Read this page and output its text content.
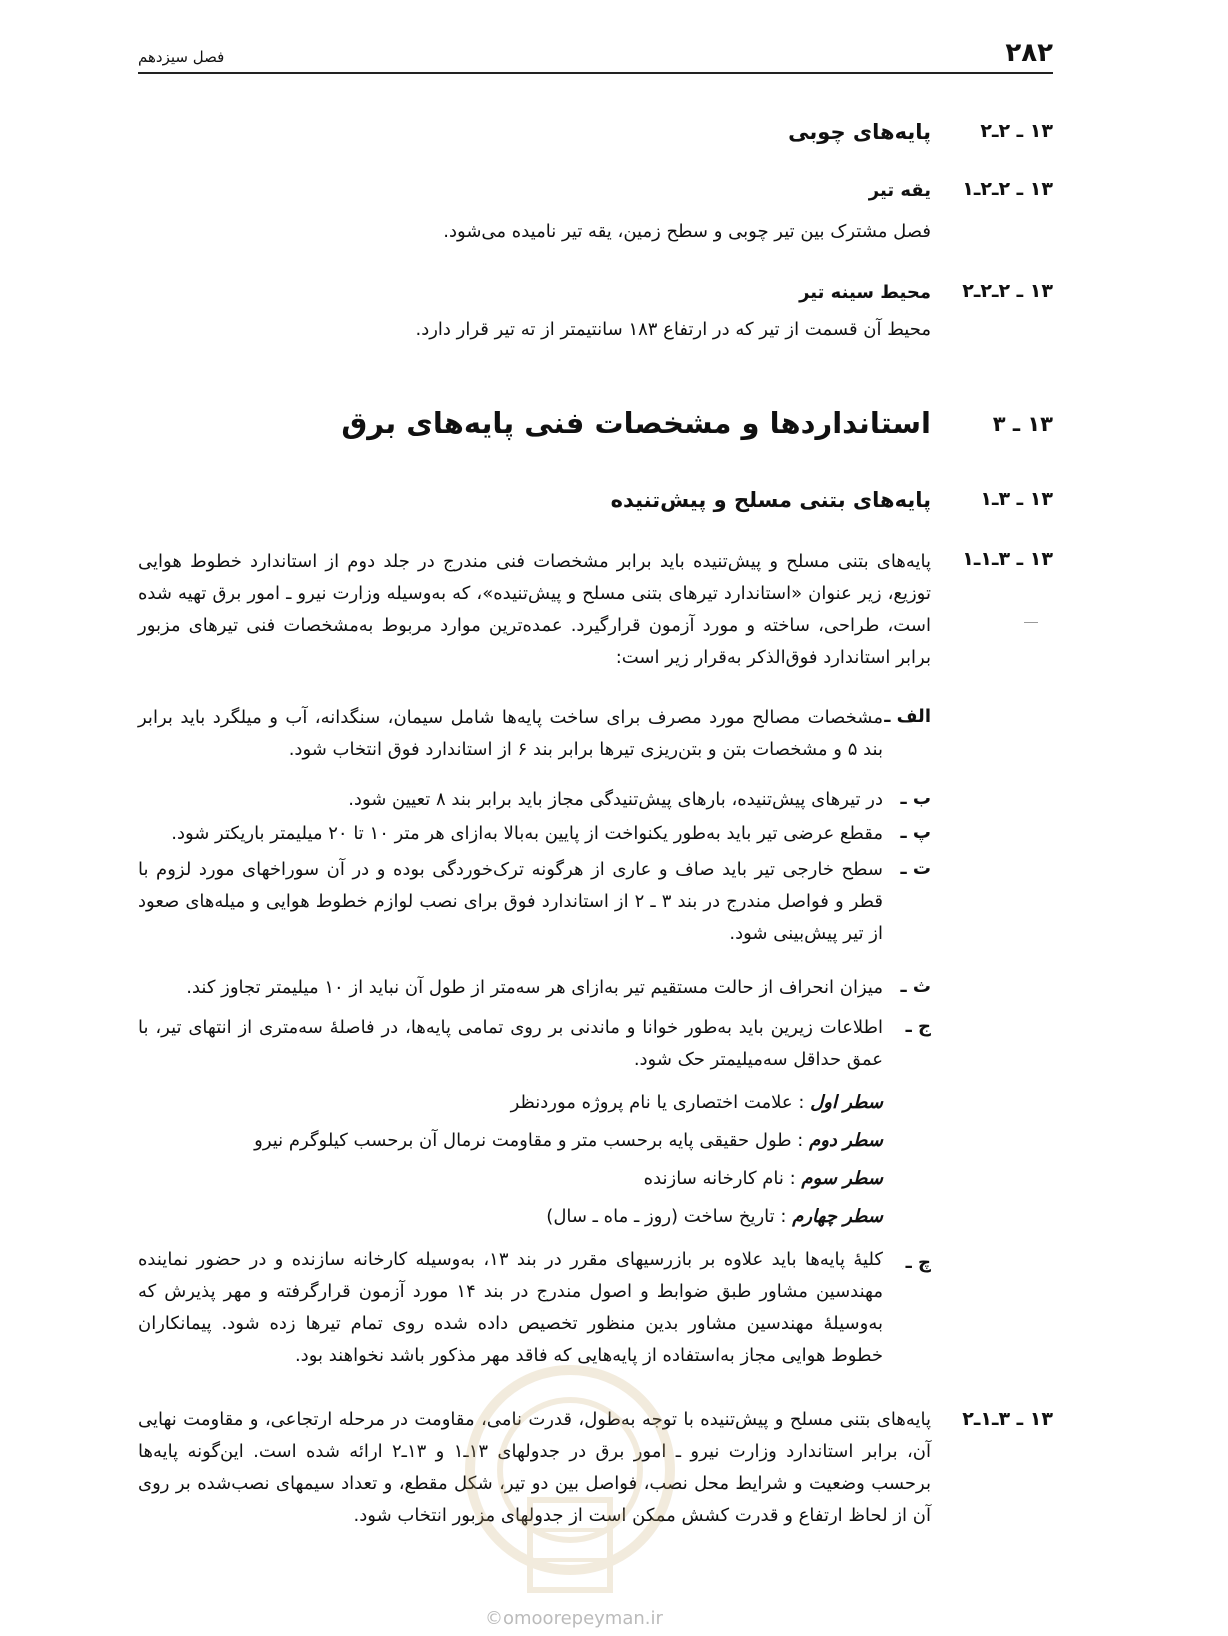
۲۸۲
فصل سیزدهم
۱۳ ـ ۲ـ۲
پایه‌های چوبی
۱۳ ـ ۲ـ۲ـ۱
یقه تیر
فصل مشترک بین تیر چوبی و سطح زمین، یقه تیر نامیده می‌شود.
۱۳ ـ ۲ـ۲ـ۲
محیط سینه تیر
محیط آن قسمت از تیر که در ارتفاع ۱۸۳ سانتیمتر از ته تیر قرار دارد.
۱۳ ـ ۳
استانداردها و مشخصات فنی پایه‌های برق
۱۳ ـ ۳ـ۱
پایه‌های بتنی مسلح و پیش‌تنیده
۱۳ ـ ۳ـ۱ـ۱
پایه‌های بتنی مسلح و پیش‌تنیده باید برابر مشخصات فنی مندرج در جلد دوم از استاندارد خطوط هوایی توزیع، زیر عنوان «استاندارد تیرهای بتنی مسلح و پیش‌تنیده»، که به‌وسیله وزارت نیرو ـ امور برق تهیه شده است، طراحی، ساخته و مورد آزمون قرارگیرد. عمده‌ترین موارد مربوط به‌مشخصات فنی تیرهای مزبور برابر استاندارد فوق‌الذکر به‌قرار زیر است:
الف ـ
مشخصات مصالح مورد مصرف برای ساخت پایه‌ها شامل سیمان، سنگدانه، آب و میلگرد باید برابر بند ۵ و مشخصات بتن و بتن‌ریزی تیرها برابر بند ۶ از استاندارد فوق انتخاب شود.
ب ـ
در تیرهای پیش‌تنیده، بارهای پیش‌تنیدگی مجاز باید برابر بند ۸ تعیین شود.
پ ـ
مقطع عرضی تیر باید به‌طور یکنواخت از پایین به‌بالا به‌ازای هر متر ۱۰ تا ۲۰ میلیمتر باریکتر شود.
ت ـ
سطح خارجی تیر باید صاف و عاری از هرگونه ترک‌خوردگی بوده و در آن سوراخهای مورد لزوم با قطر و فواصل مندرج در بند ۳ ـ ۲ از استاندارد فوق برای نصب لوازم خطوط هوایی و میله‌های صعود از تیر پیش‌بینی شود.
ث ـ
میزان انحراف از حالت مستقیم تیر به‌ازای هر سه‌متر از طول آن نباید از ۱۰ میلیمتر تجاوز کند.
ج ـ
اطلاعات زیرین باید به‌طور خوانا و ماندنی بر روی تمامی پایه‌ها، در فاصلهٔ سه‌متری از انتهای تیر، با عمق حداقل سه‌میلیمتر حک شود.
سطر اول : علامت اختصاری یا نام پروژه موردنظر
سطر دوم : طول حقیقی پایه برحسب متر و مقاومت نرمال آن برحسب کیلوگرم نیرو
سطر سوم : نام کارخانه سازنده
سطر چهارم : تاریخ ساخت (روز ـ ماه ـ سال)
چ ـ
کلیهٔ پایه‌ها باید علاوه بر بازرسیهای مقرر در بند ۱۳، به‌وسیله کارخانه سازنده و در حضور نماینده مهندسین مشاور طبق ضوابط و اصول مندرج در بند ۱۴ مورد آزمون قرارگرفته و مهر پذیرش که به‌وسیلهٔ مهندسین مشاور بدین منظور تخصیص داده شده روی تمام تیرها زده شود. پیمانکاران خطوط هوایی مجاز به‌استفاده از پایه‌هایی که فاقد مهر مذکور باشد نخواهند بود.
۱۳ ـ ۳ـ۱ـ۲
پایه‌های بتنی مسلح و پیش‌تنیده با توجه به‌طول، قدرت نامی، مقاومت در مرحله ارتجاعی، و مقاومت نهایی آن، برابر استاندارد وزارت نیرو ـ امور برق در جدولهای ۱۳ـ۱ و ۱۳ـ۲ ارائه شده است. این‌گونه پایه‌ها برحسب وضعیت و شرایط محل نصب، فواصل بین دو تیر، شکل مقطع، و تعداد سیمهای نصب‌شده بر روی آن از لحاظ ارتفاع و قدرت کشش ممکن است از جدولهای مزبور انتخاب شود.
©omoorepeyman.ir
